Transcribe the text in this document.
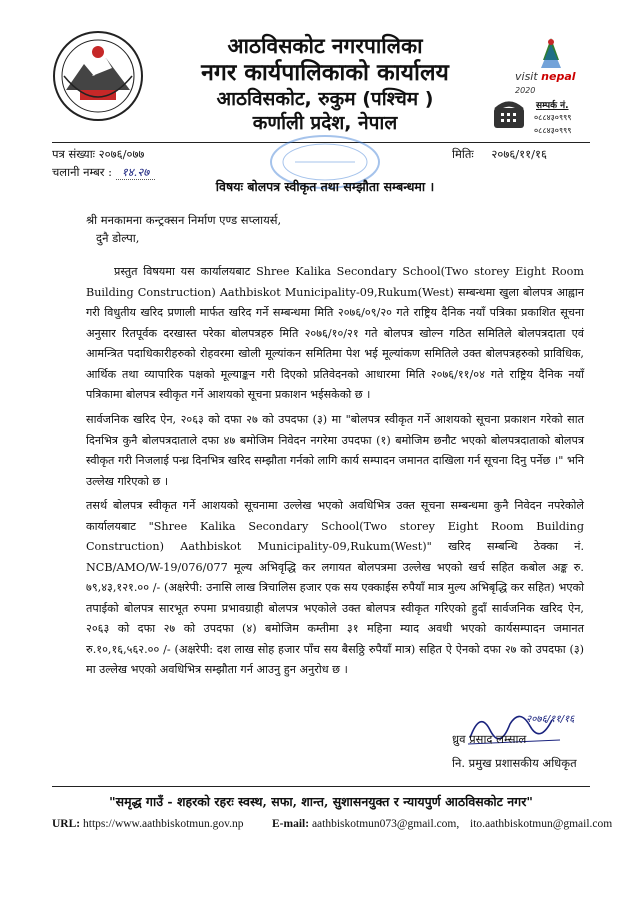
आठविसकोट नगरपालिका
नगर कार्यपालिकाको कार्यालय
आठविसकोट, रुकुम (पश्चिम )
कर्णाली प्रदेश, नेपाल
visit nepal 2020
सम्पर्क नं.
०८८४३०९९९
०८८४३०९९९
पत्र संख्याः २०७६/०७७
चलानी नम्बर : १४.२७
मितिः २०७६/११/१६
विषयः बोलपत्र स्वीकृत तथा सम्झौता सम्बन्धमा ।
श्री मनकामना कन्ट्रक्सन निर्माण एण्ड सप्लायर्स,
दुनै डोल्पा,

प्रस्तुत विषयमा यस कार्यालयबाट Shree Kalika Secondary School(Two storey Eight Room Building Construction) Aathbiskot Municipality-09,Rukum(West) सम्बन्धमा खुला बोलपत्र आह्वान गरी विधुतीय खरिद प्रणाली मार्फत खरिद गर्ने सम्बन्धमा मिति २०७६/०९/२० गते राष्ट्रिय दैनिक नयाँ पत्रिका प्रकाशित सूचना अनुसार रितपूर्वक दरखास्त परेका बोलपत्रहरु मिति २०७६/१०/२१ गते बोलपत्र खोल्न गठित समितिले बोलपत्रदाता एवं आमन्त्रित पदाधिकारीहरुको रोहवरमा खोली मूल्यांकन समितिमा पेश भई मूल्यांकण समितिले उक्त बोलपत्रहरुको प्राविधिक, आर्थिक तथा व्यापारिक पक्षको मूल्याङ्कन गरी दिएको प्रतिवेदनको आधारमा मिति २०७६/११/०४ गते राष्ट्रिय दैनिक नयाँ पत्रिकामा बोलपत्र स्वीकृत गर्ने आशयको सूचना प्रकाशन भईसकेको छ ।

सार्वजनिक खरिद ऐन, २०६३ को दफा २७ को उपदफा (३) मा "बोलपत्र स्वीकृत गर्ने आशयको सूचना प्रकाशन गरेको सात दिनभित्र कुनै बोलपत्रदाताले दफा ४७ बमोजिम निवेदन नगरेमा उपदफा (१) बमोजिम छनौट भएको बोलपत्रदाताको बोलपत्र स्वीकृत गरी निजलाई पन्ध्र दिनभित्र खरिद सम्झौता गर्नको लागि कार्य सम्पादन जमानत दाखिला गर्न सूचना दिनु पर्नेछ ।" भनि उल्लेख गरिएको छ ।

तसर्थ बोलपत्र स्वीकृत गर्ने आशयको सूचनामा उल्लेख भएको अवधिभित्र उक्त सूचना सम्बन्धमा कुनै निवेदन नपरेकोले कार्यालयबाट "Shree Kalika Secondary School(Two storey Eight Room Building Construction) Aathbiskot Municipality-09,Rukum(West)" खरिद सम्बन्धि ठेक्का नं. NCB/AMO/W-19/076/077 मूल्य अभिवृद्धि कर लगायत बोलपत्रमा उल्लेख भएको खर्च सहित कबोल अङ्क रु. ७९,४३,१२१.०० /- (अक्षरेपी: उनासि लाख त्रिचालिस हजार एक सय एक्काईस रुपैयाँ मात्र मुल्य अभिबृद्धि कर सहित) भएको तपाईको बोलपत्र सारभूत रुपमा प्रभावग्राही बोलपत्र भएकोले उक्त बोलपत्र स्वीकृत गरिएको हुदाँ सार्वजनिक खरिद ऐन, २०६३ को दफा २७ को उपदफा (४) बमोजिम कम्तीमा ३१ महिना म्याद अवधी भएको कार्यसम्पादन जमानत रु.१०,१६,५६२.०० /- (अक्षरेपी: दश लाख सोह हजार पाँच सय बैसठ्ठि रुपैयाँ मात्र) सहित ऐ ऐनको दफा २७ को उपदफा (३) मा उल्लेख भएको अवधिभित्र सम्झौता गर्न आउनु हुन अनुरोध छ ।

२०७६/११/१६
ध्रुव प्रसाद लम्साल
नि. प्रमुख प्रशासकीय अधिकृत
"समृद्ध गाउँ - शहरको रहरः स्वस्थ, सफा, शान्त, सुशासनयुक्त र न्यायपुर्ण आठविसकोट नगर"
URL: https://www.aathbiskotmun.gov.np E-mail: aathbiskotmun073@gmail.com, ito.aathbiskotmun@gmail.com
